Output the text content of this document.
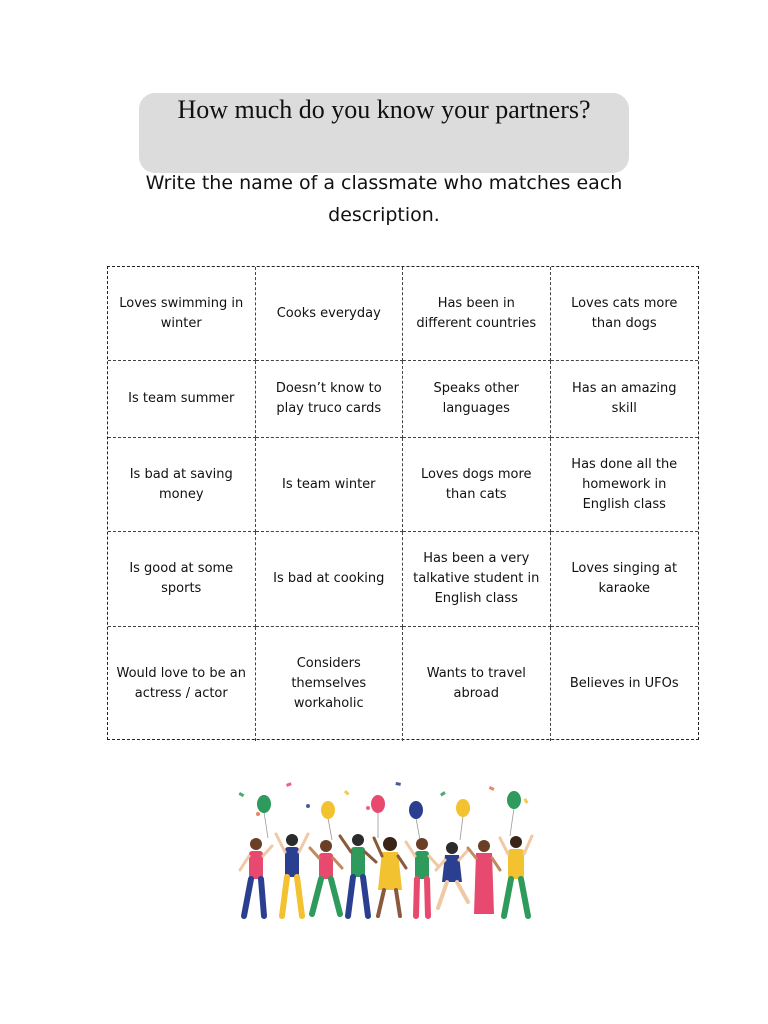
How much do you know your partners?
Write the name of a classmate who matches each description.
Loves swimming in winter
Cooks everyday
Has been in different countries
Loves cats more than dogs
Is team summer
Doesn’t know to play truco cards
Speaks other languages
Has an amazing skill
Is bad at saving money
Is team winter
Loves dogs more than cats
Has done all the homework in English class
Is good at some sports
Is bad at cooking
Has been a very talkative student in English class
Loves singing at karaoke
Would love to be an actress / actor
Considers themselves workaholic
Wants to travel abroad
Believes in UFOs
